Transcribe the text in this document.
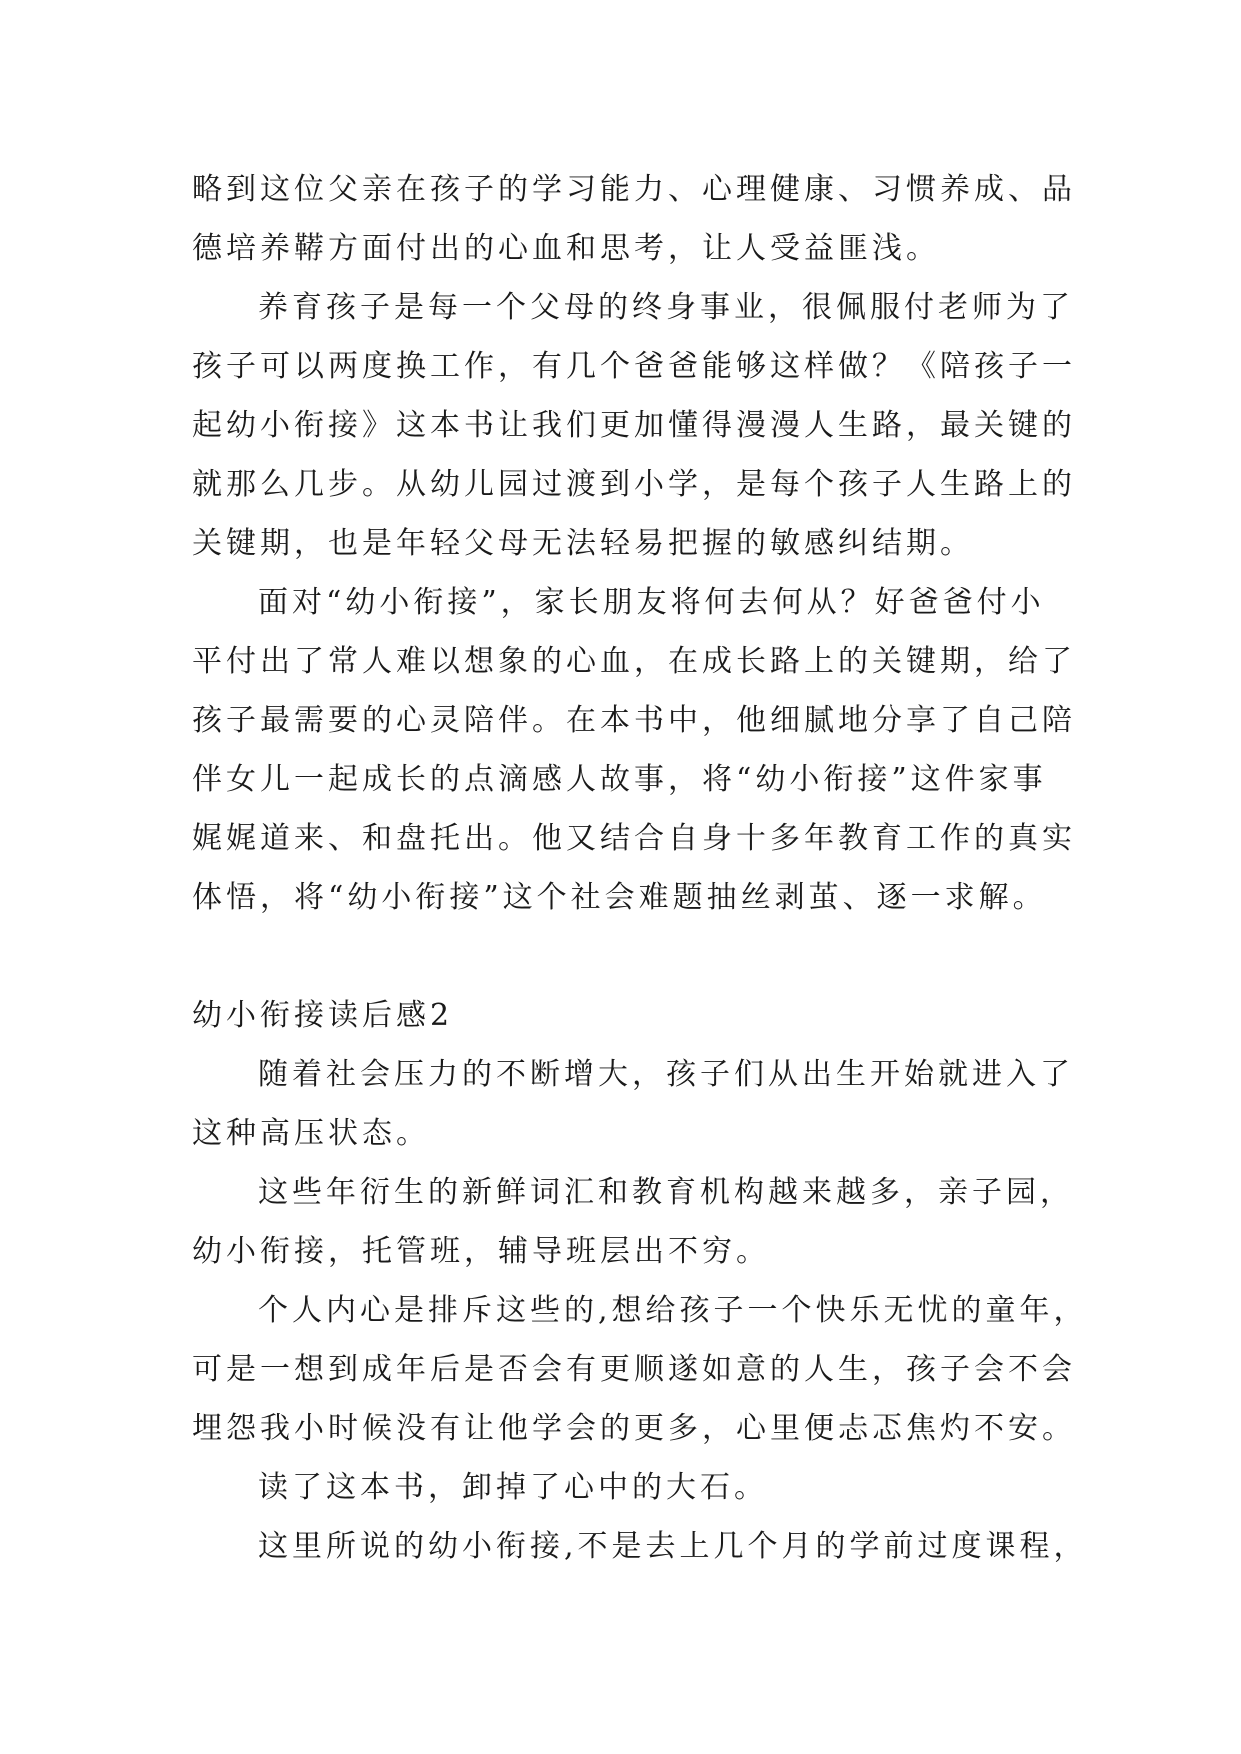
略到这位父亲在孩子的学习能力、心理健康、习惯养成、品
德培养鞯方面付出的心血和思考，让人受益匪浅。
养育孩子是每一个父母的终身事业，很佩服付老师为了
孩子可以两度换工作，有几个爸爸能够这样做？《陪孩子一
起幼小衔接》这本书让我们更加懂得漫漫人生路，最关键的
就那么几步。从幼儿园过渡到小学，是每个孩子人生路上的
关键期，也是年轻父母无法轻易把握的敏感纠结期。
面对“幼小衔接”，家长朋友将何去何从？好爸爸付小
平付出了常人难以想象的心血，在成长路上的关键期，给了
孩子最需要的心灵陪伴。在本书中，他细腻地分享了自己陪
伴女儿一起成长的点滴感人故事，将“幼小衔接”这件家事
娓娓道来、和盘托出。他又结合自身十多年教育工作的真实
体悟，将“幼小衔接”这个社会难题抽丝剥茧、逐一求解。
幼小衔接读后感2
随着社会压力的不断增大，孩子们从出生开始就进入了
这种高压状态。
这些年衍生的新鲜词汇和教育机构越来越多，亲子园，
幼小衔接，托管班，辅导班层出不穷。
个人内心是排斥这些的,想给孩子一个快乐无忧的童年，
可是一想到成年后是否会有更顺遂如意的人生，孩子会不会
埋怨我小时候没有让他学会的更多，心里便忐忑焦灼不安。
读了这本书，卸掉了心中的大石。
这里所说的幼小衔接,不是去上几个月的学前过度课程，
